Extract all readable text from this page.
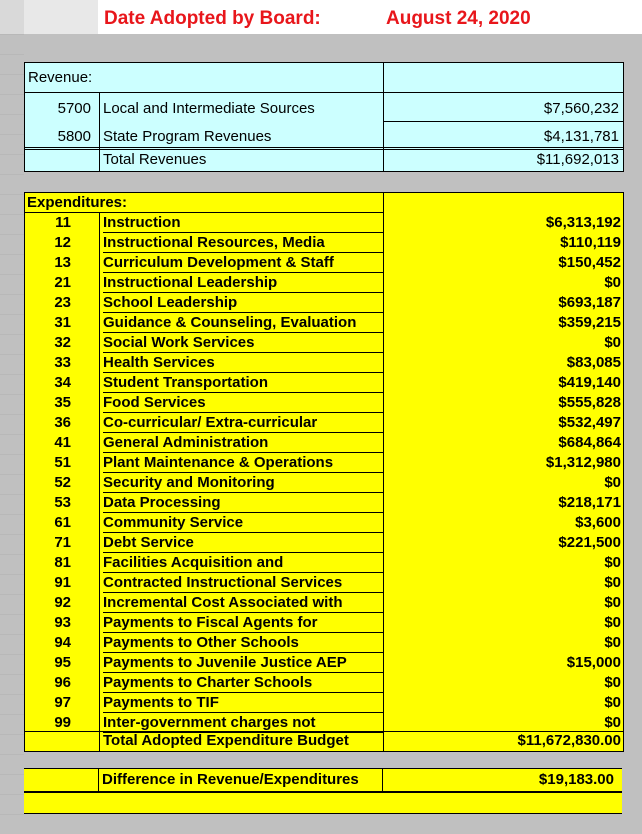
Date Adopted by Board:	August 24, 2020
Revenue:
5700 Local and Intermediate Sources	$7,560,232
5800 State Program Revenues	$4,131,781
Total Revenues	$11,692,013
Expenditures:
11 Instruction	$6,313,192
12 Instructional Resources, Media	$110,119
13 Curriculum Development & Staff	$150,452
21 Instructional Leadership	$0
23 School Leadership	$693,187
31 Guidance & Counseling, Evaluation	$359,215
32 Social Work Services	$0
33 Health Services	$83,085
34 Student Transportation	$419,140
35 Food Services	$555,828
36 Co-curricular/ Extra-curricular	$532,497
41 General Administration	$684,864
51 Plant Maintenance & Operations	$1,312,980
52 Security and Monitoring	$0
53 Data Processing	$218,171
61 Community Service	$3,600
71 Debt Service	$221,500
81 Facilities Acquisition and	$0
91 Contracted Instructional Services	$0
92 Incremental Cost Associated with	$0
93 Payments to Fiscal Agents for	$0
94 Payments to Other Schools	$0
95 Payments to Juvenile Justice AEP	$15,000
96 Payments to Charter Schools	$0
97 Payments to TIF	$0
99 Inter-government charges not	$0
Total Adopted Expenditure Budget	$11,672,830.00
Difference in Revenue/Expenditures	$19,183.00
